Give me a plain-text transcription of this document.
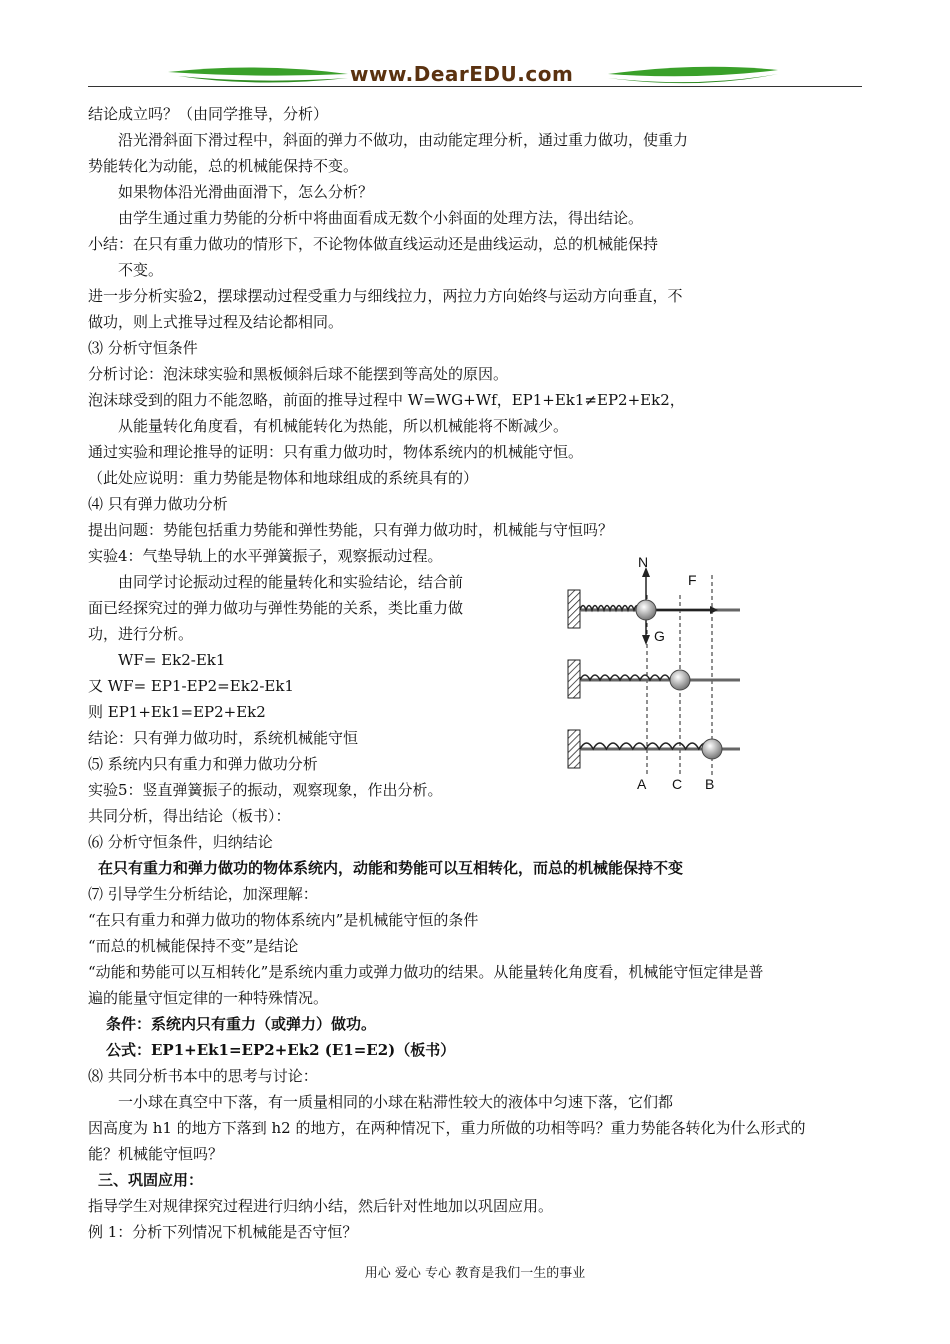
www.DearEDU.com
结论成立吗？（由同学推导，分析）
沿光滑斜面下滑过程中，斜面的弹力不做功，由动能定理分析，通过重力做功，使重力
势能转化为动能，总的机械能保持不变。
如果物体沿光滑曲面滑下，怎么分析？
由学生通过重力势能的分析中将曲面看成无数个小斜面的处理方法，得出结论。
小结：在只有重力做功的情形下，不论物体做直线运动还是曲线运动，总的机械能保持
不变。
进一步分析实验2，摆球摆动过程受重力与细线拉力，两拉力方向始终与运动方向垂直，不
做功，则上式推导过程及结论都相同。
⑶ 分析守恒条件
分析讨论：泡沫球实验和黑板倾斜后球不能摆到等高处的原因。
泡沫球受到的阻力不能忽略，前面的推导过程中 W=WG+Wf，EP1+Ek1≠EP2+Ek2，
从能量转化角度看，有机械能转化为热能，所以机械能将不断减少。
通过实验和理论推导的证明：只有重力做功时，物体系统内的机械能守恒。
（此处应说明：重力势能是物体和地球组成的系统具有的）
⑷ 只有弹力做功分析
提出问题：势能包括重力势能和弹性势能，只有弹力做功时，机械能与守恒吗？
实验4：气垫导轨上的水平弹簧振子，观察振动过程。
由同学讨论振动过程的能量转化和实验结论，结合前
面已经探究过的弹力做功与弹性势能的关系，类比重力做
功，进行分析。
WF= Ek2-Ek1
又 WF= EP1-EP2=Ek2-Ek1
则 EP1+Ek1=EP2+Ek2
结论：只有弹力做功时，系统机械能守恒
⑸ 系统内只有重力和弹力做功分析
实验5：竖直弹簧振子的振动，观察现象，作出分析。
共同分析，得出结论（板书）：
⑹ 分析守恒条件，归纳结论
在只有重力和弹力做功的物体系统内，动能和势能可以互相转化，而总的机械能保持不变
⑺ 引导学生分析结论，加深理解：
“在只有重力和弹力做功的物体系统内”是机械能守恒的条件
“而总的机械能保持不变”是结论
“动能和势能可以互相转化”是系统内重力或弹力做功的结果。从能量转化角度看，机械能守恒定律是普
遍的能量守恒定律的一种特殊情况。
条件：系统内只有重力（或弹力）做功。
公式：EP1+Ek1=EP2+Ek2 (E1=E2)（板书）
⑻ 共同分析书本中的思考与讨论：
一小球在真空中下落，有一质量相同的小球在粘滞性较大的液体中匀速下落，它们都
因高度为 h1 的地方下落到 h2 的地方，在两种情况下，重力所做的功相等吗？重力势能各转化为什么形式的
能？机械能守恒吗？
三、巩固应用：
指导学生对规律探究过程进行归纳小结，然后针对性地加以巩固应用。
例 1：分析下列情况下机械能是否守恒？
N
F
G
A C B
用心 爱心 专心 教育是我们一生的事业
